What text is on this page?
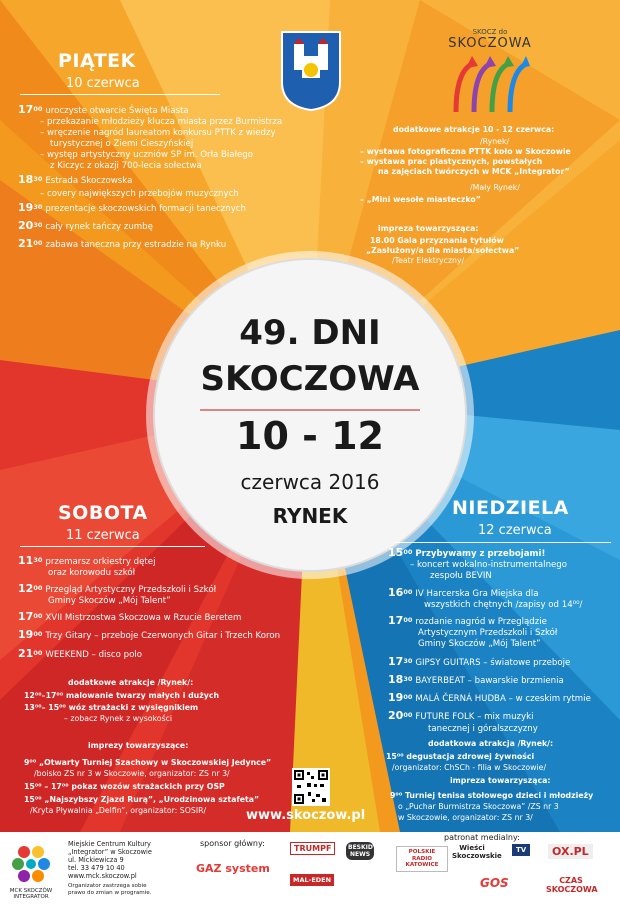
SKOCZ do
SKOCZOWA
PIĄTEK
10 czerwca
$17^{00}$ uroczyste otwarcie Święta Miasta
– przekazanie młodzieży klucza miasta przez Burmistrza
– wręczenie nagród laureatom konkursu PTTK z wiedzy
turystycznej o Ziemi Cieszyńskiej
– występ artystyczny uczniów SP im. Orła Białego
z Kiczyc z okazji 700-lecia sołectwa
$18^{30}$ Estrada Skoczowska
– covery największych przebojów muzycznych
$19^{30}$ prezentacje skoczowskich formacji tanecznych
$20^{30}$ cały rynek tańczy zumbę
$21^{00}$ zabawa taneczna przy estradzie na Rynku
dodatkowe atrakcje 10 - 12 czerwca:
/Rynek/
– wystawa fotograficzna PTTK koło w Skoczowie
– wystawa prac plastycznych, powstałych
na zajęciach twórczych w MCK „Integrator”
/Mały Rynek/
– „Mini wesołe miasteczko”
impreza towarzysząca:
18.00 Gala przyznania tytułów
„Zasłużony/a dla miasta/sołectwa”
/Teatr Elektryczny/
49. DNI
SKOCZOWA
10 - 12
czerwca 2016
RYNEK
SOBOTA
11 czerwca
$11^{30}$ przemarsz orkiestry dętej
oraz korowodu szkół
$12^{00}$ Przegląd Artystyczny Przedszkoli i Szkół
Gminy Skoczów „Mój Talent”
$17^{00}$ XVII Mistrzostwa Skoczowa w Rzucie Beretem
$19^{00}$ Trzy Gitary – przeboje Czerwonych Gitar i Trzech Koron
$21^{00}$ WEEKEND – disco polo
dodatkowe atrakcje /Rynek/:
12⁰⁰–17⁰⁰ malowanie twarzy małych i dużych
13⁰⁰– 15⁰⁰ wóz strażacki z wysięgnikiem
– zobacz Rynek z wysokości
imprezy towarzyszące:
9⁰⁰ „Otwarty Turniej Szachowy w Skoczowskiej Jedynce”
/boisko ZS nr 3 w Skoczowie, organizator: ZS nr 3/
15⁰⁰ – 17⁰⁰ pokaz wozów strażackich przy OSP
15⁰⁰ „Najszybszy Zjazd Rurą”, „Urodzinowa sztafeta”
/Kryta Pływalnia „Delfin”, organizator: SOSIR/
NIEDZIELA
12 czerwca
$15^{00}$ Przybywamy z przebojami!
– koncert wokalno-instrumentalnego
zespołu BEVIN
$16^{00}$ IV Harcerska Gra Miejska dla
wszystkich chętnych /zapisy od 14⁰⁰/
$17^{00}$ rozdanie nagród w Przeglądzie
Artystycznym Przedszkoli i Szkół
Gminy Skoczów „Mój Talent”
$17^{30}$ GIPSY GUITARS – światowe przeboje
$18^{30}$ BAYERBEAT – bawarskie brzmienia
$19^{00}$ MALÁ ČERNÁ HUDBA – w czeskim rytmie
$20^{00}$ FUTURE FOLK – mix muzyki
tanecznej i góralszczyzny
dodatkowa atrakcja /Rynek/:
15⁰⁰ degustacja zdrowej żywności
/organizator: ChSCh - filia w Skoczowie/
impreza towarzysząca:
9⁰⁰ Turniej tenisa stołowego dzieci i młodzieży
o „Puchar Burmistrza Skoczowa” /ZS nr 3
w Skoczowie, organizator: ZS nr 3/
www.skoczow.pl
MCK SKOCZÓW INTEGRATOR
Miejskie Centrum Kultury
„Integrator” w Skoczowie
ul. Mickiewicza 9
tel. 33 479 10 40
www.mck.skoczow.pl
Organizator zastrzega sobie
prawo do zmian w programie.
sponsor główny:
GAZ system
TRUMPF
MAL-EDEN
BESKIDY NEWS
patronat medialny:
POLSKIE RADIO KATOWICE
Wieści Skoczowskie
TV	OX.PL
GOS	CZAS SKOCZOWA
